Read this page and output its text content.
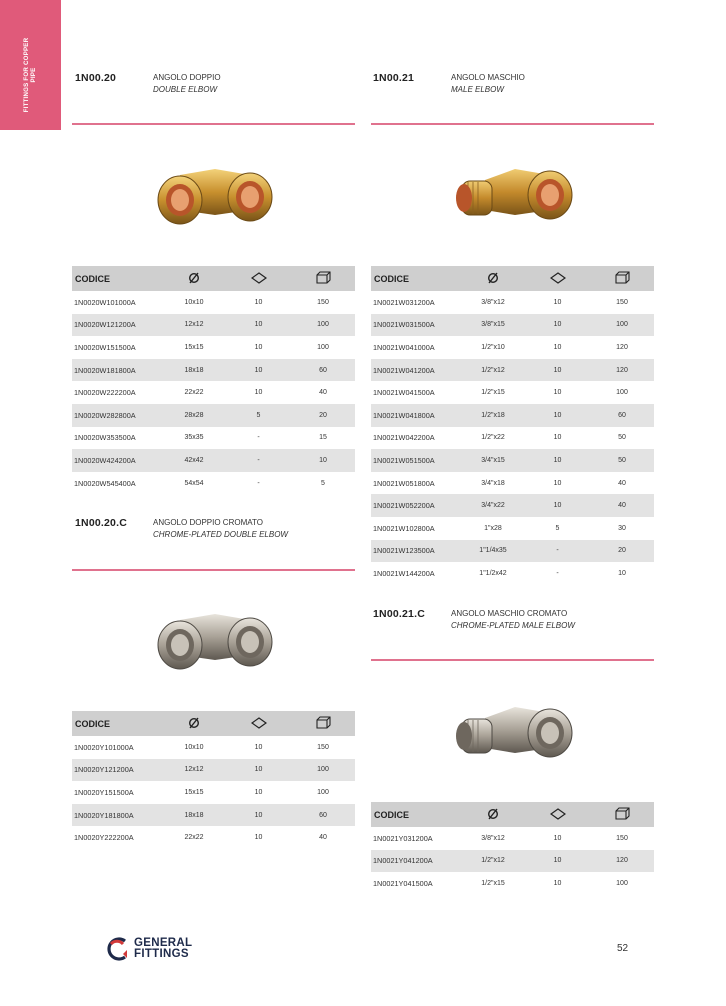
FITTINGS FOR COPPER PIPE	1N00.20	ANGOLO DOPPIO
DOUBLE ELBOW
CODICE			
1N0020W101000A	10x10	10	150
1N0020W121200A	12x12	10	100
1N0020W151500A	15x15	10	100
1N0020W181800A	18x18	10	60
1N0020W222200A	22x22	10	40
1N0020W282800A	28x28	5	20
1N0020W353500A	35x35	-	15
1N0020W424200A	42x42	-	10
1N0020W545400A	54x54	-	5
1N00.21	ANGOLO MASCHIO
MALE ELBOW
CODICE			
1N0021W031200A	3/8"x12	10	150
1N0021W031500A	3/8"x15	10	100
1N0021W041000A	1/2"x10	10	120
1N0021W041200A	1/2"x12	10	120
1N0021W041500A	1/2"x15	10	100
1N0021W041800A	1/2"x18	10	60
1N0021W042200A	1/2"x22	10	50
1N0021W051500A	3/4"x15	10	50
1N0021W051800A	3/4"x18	10	40
1N0021W052200A	3/4"x22	10	40
1N0021W102800A	1"x28	5	30
1N0021W123500A	1"1/4x35	-	20
1N0021W144200A	1"1/2x42	-	10
1N00.20.C	ANGOLO DOPPIO CROMATO
CHROME-PLATED DOUBLE ELBOW
CODICE			
1N0020Y101000A	10x10	10	150
1N0020Y121200A	12x12	10	100
1N0020Y151500A	15x15	10	100
1N0020Y181800A	18x18	10	60
1N0020Y222200A	22x22	10	40
1N00.21.C	ANGOLO MASCHIO CROMATO
CHROME-PLATED MALE ELBOW
CODICE			
1N0021Y031200A	3/8"x12	10	150
1N0021Y041200A	1/2"x12	10	120
1N0021Y041500A	1/2"x15	10	100
GENERAL
FITTINGS	52
